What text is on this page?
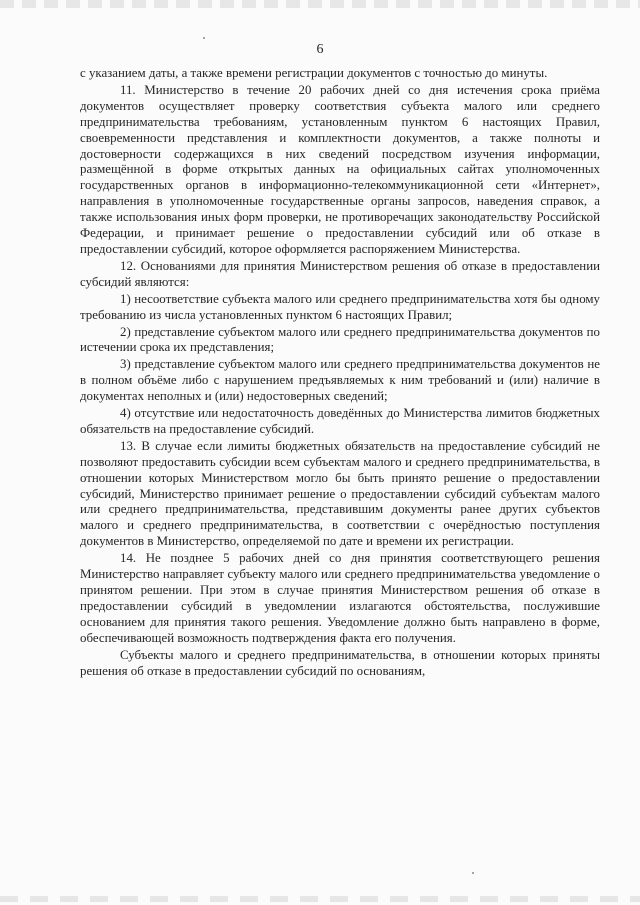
6

с указанием даты, а также времени регистрации документов с точностью до минуты.

11. Министерство в течение 20 рабочих дней со дня истечения срока приёма документов осуществляет проверку соответствия субъекта малого или среднего предпринимательства требованиям, установленным пунктом 6 настоящих Правил, своевременности представления и комплектности документов, а также полноты и достоверности содержащихся в них сведений посредством изучения информации, размещённой в форме открытых данных на официальных сайтах уполномоченных государственных органов в информационно-телекоммуникационной сети «Интернет», направления в уполномоченные государственные органы запросов, наведения справок, а также использования иных форм проверки, не противоречащих законодательству Российской Федерации, и принимает решение о предоставлении субсидий или об отказе в предоставлении субсидий, которое оформляется распоряжением Министерства.

12. Основаниями для принятия Министерством решения об отказе в предоставлении субсидий являются:

1) несоответствие субъекта малого или среднего предпринимательства хотя бы одному требованию из числа установленных пунктом 6 настоящих Правил;

2) представление субъектом малого или среднего предпринимательства документов по истечении срока их представления;

3) представление субъектом малого или среднего предпринимательства документов не в полном объёме либо с нарушением предъявляемых к ним требований и (или) наличие в документах неполных и (или) недостоверных сведений;

4) отсутствие или недостаточность доведённых до Министерства лимитов бюджетных обязательств на предоставление субсидий.

13. В случае если лимиты бюджетных обязательств на предоставление субсидий не позволяют предоставить субсидии всем субъектам малого и среднего предпринимательства, в отношении которых Министерством могло бы быть принято решение о предоставлении субсидий, Министерство принимает решение о предоставлении субсидий субъектам малого или среднего предпринимательства, представившим документы ранее других субъектов малого и среднего предпринимательства, в соответствии с очерёдностью поступления документов в Министерство, определяемой по дате и времени их регистрации.

14. Не позднее 5 рабочих дней со дня принятия соответствующего решения Министерство направляет субъекту малого или среднего предпринимательства уведомление о принятом решении. При этом в случае принятия Министерством решения об отказе в предоставлении субсидий в уведомлении излагаются обстоятельства, послужившие основанием для принятия такого решения. Уведомление должно быть направлено в форме, обеспечивающей возможность подтверждения факта его получения.

Субъекты малого и среднего предпринимательства, в отношении которых приняты решения об отказе в предоставлении субсидий по основаниям,
